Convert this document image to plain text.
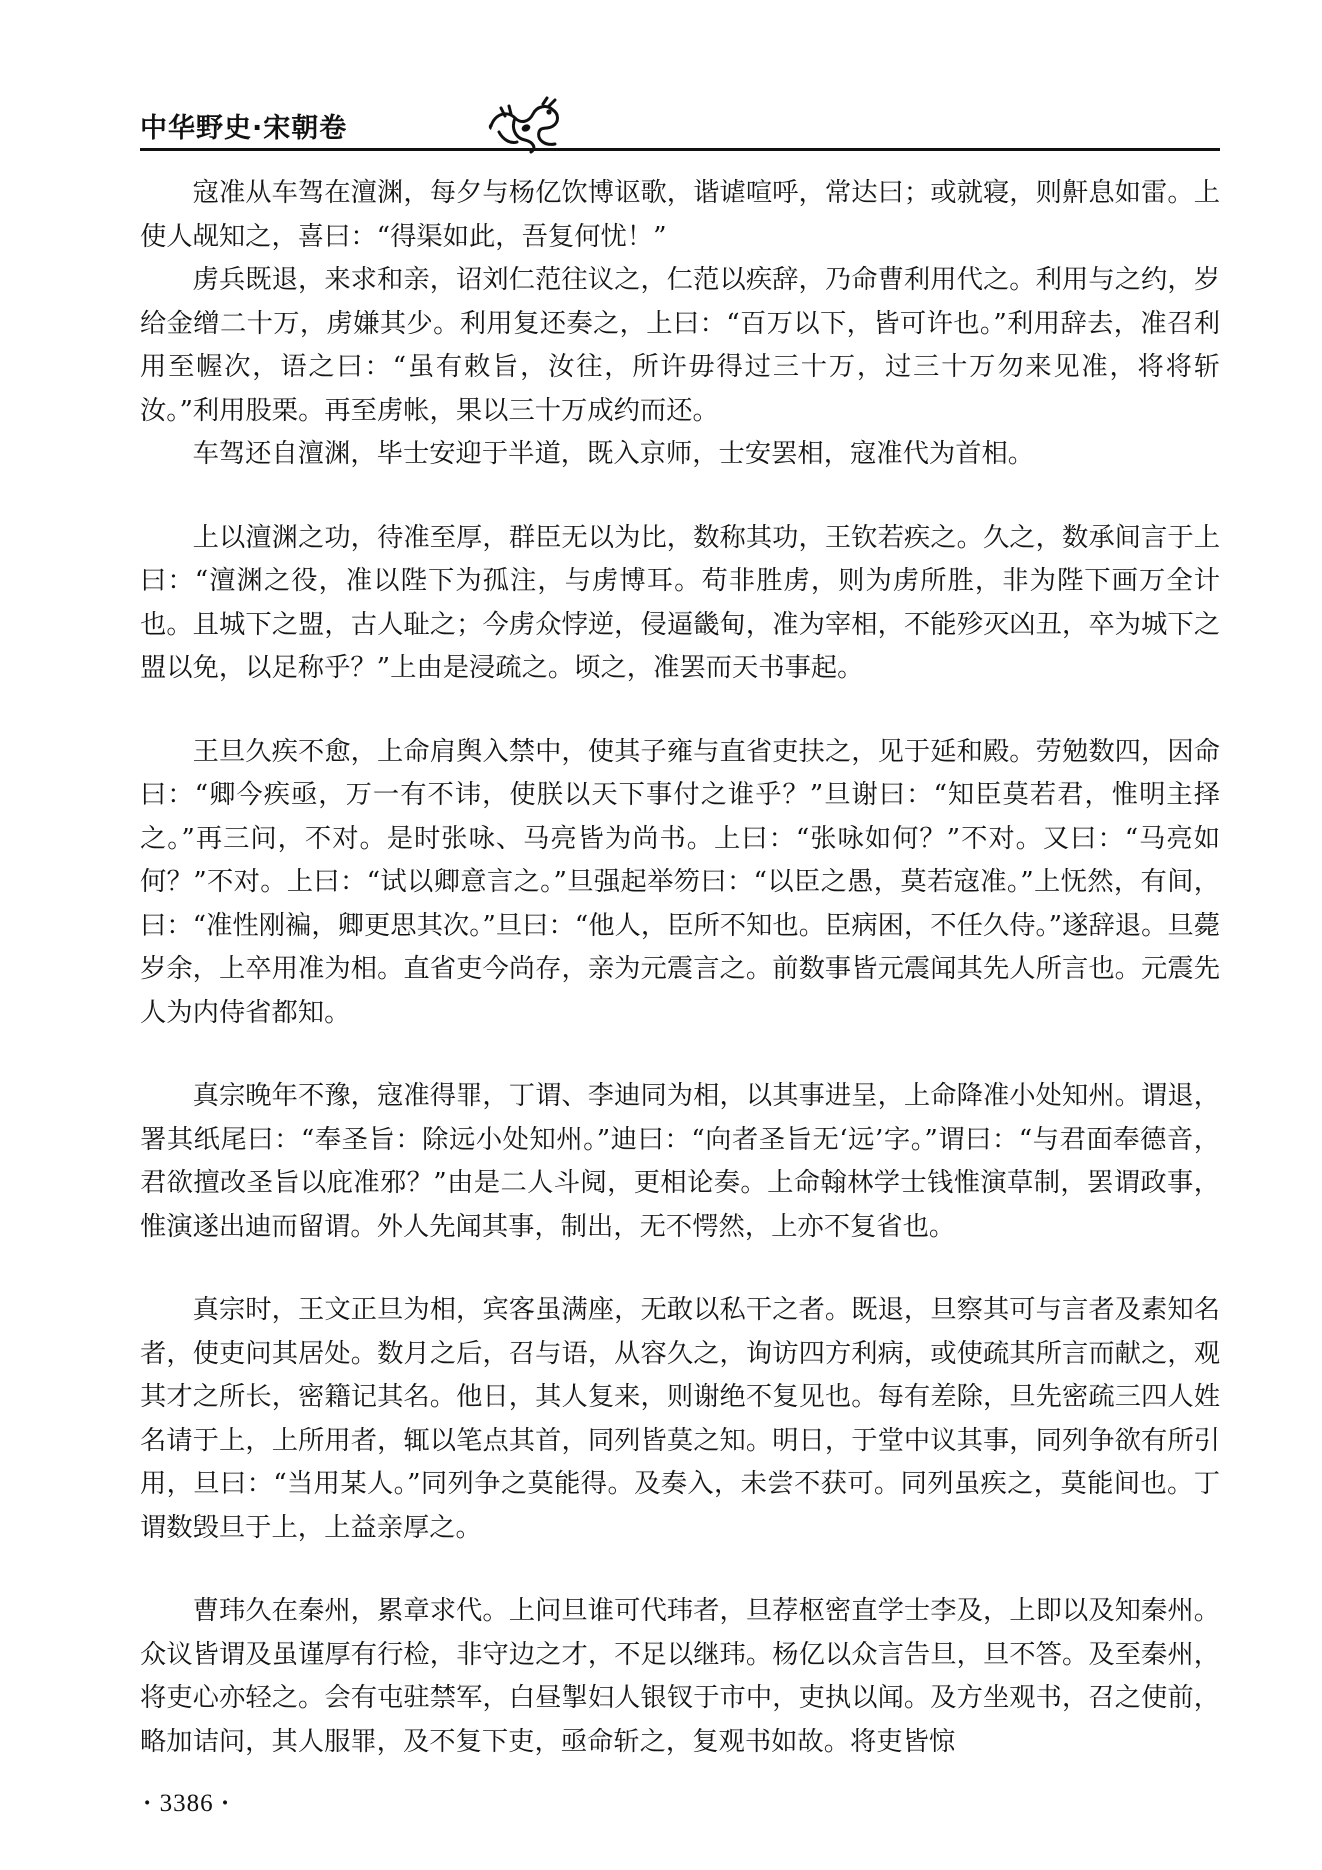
中华野史·宋朝卷

寇准从车驾在澶渊，每夕与杨亿饮博讴歌，谐谑喧呼，常达曰；或就寝，则鼾息如雷。上使人觇知之，喜曰：“得渠如此，吾复何忧！”

虏兵既退，来求和亲，诏刘仁范往议之，仁范以疾辞，乃命曹利用代之。利用与之约，岁给金缯二十万，虏嫌其少。利用复还奏之，上曰：“百万以下，皆可许也。”利用辞去，准召利用至幄次，语之曰：“虽有敕旨，汝往，所许毋得过三十万，过三十万勿来见准，将将斩汝。”利用股栗。再至虏帐，果以三十万成约而还。

车驾还自澶渊，毕士安迎于半道，既入京师，士安罢相，寇准代为首相。

上以澶渊之功，待准至厚，群臣无以为比，数称其功，王钦若疾之。久之，数承间言于上曰：“澶渊之役，准以陛下为孤注，与虏博耳。苟非胜虏，则为虏所胜，非为陛下画万全计也。且城下之盟，古人耻之；今虏众悖逆，侵逼畿甸，准为宰相，不能殄灭凶丑，卒为城下之盟以免，以足称乎？”上由是浸疏之。顷之，准罢而天书事起。

王旦久疾不愈，上命肩舆入禁中，使其子雍与直省吏扶之，见于延和殿。劳勉数四，因命曰：“卿今疾亟，万一有不讳，使朕以天下事付之谁乎？”旦谢曰：“知臣莫若君，惟明主择之。”再三问，不对。是时张咏、马亮皆为尚书。上曰：“张咏如何？”不对。又曰：“马亮如何？”不对。上曰：“试以卿意言之。”旦强起举笏曰：“以臣之愚，莫若寇准。”上怃然，有间，曰：“准性刚褊，卿更思其次。”旦曰：“他人，臣所不知也。臣病困，不任久侍。”遂辞退。旦薨岁余，上卒用准为相。直省吏今尚存，亲为元震言之。前数事皆元震闻其先人所言也。元震先人为内侍省都知。

真宗晚年不豫，寇准得罪，丁谓、李迪同为相，以其事进呈，上命降准小处知州。谓退，署其纸尾曰：“奉圣旨：除远小处知州。”迪曰：“向者圣旨无‘远’字。”谓曰：“与君面奉德音，君欲擅改圣旨以庇准邪？”由是二人斗阋，更相论奏。上命翰林学士钱惟演草制，罢谓政事，惟演遂出迪而留谓。外人先闻其事，制出，无不愕然，上亦不复省也。

真宗时，王文正旦为相，宾客虽满座，无敢以私干之者。既退，旦察其可与言者及素知名者，使吏问其居处。数月之后，召与语，从容久之，询访四方利病，或使疏其所言而献之，观其才之所长，密籍记其名。他日，其人复来，则谢绝不复见也。每有差除，旦先密疏三四人姓名请于上，上所用者，辄以笔点其首，同列皆莫之知。明日，于堂中议其事，同列争欲有所引用，旦曰：“当用某人。”同列争之莫能得。及奏入，未尝不获可。同列虽疾之，莫能间也。丁谓数毁旦于上，上益亲厚之。

曹玮久在秦州，累章求代。上问旦谁可代玮者，旦荐枢密直学士李及，上即以及知秦州。众议皆谓及虽谨厚有行检，非守边之才，不足以继玮。杨亿以众言告旦，旦不答。及至秦州，将吏心亦轻之。会有屯驻禁军，白昼掣妇人银钗于市中，吏执以闻。及方坐观书，召之使前，略加诘问，其人服罪，及不复下吏，亟命斩之，复观书如故。将吏皆惊

· 3386 ·
